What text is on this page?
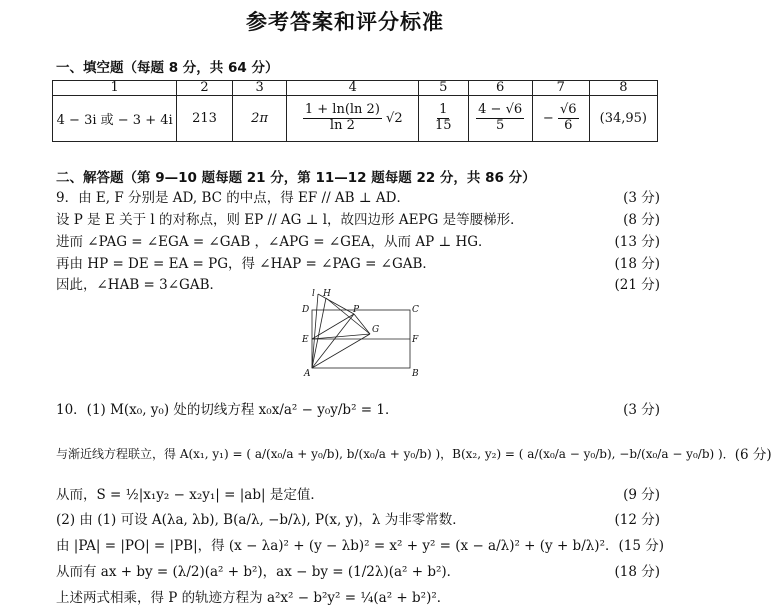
参考答案和评分标准
一、填空题（每题 8 分，共 64 分）
1	2	3	4	5	6	7	8
4 − 3i 或 − 3 + 4i	213	2π	$\frac{1 + \ln(\ln 2)}{\ln 2} √2$	$\frac{1}{15}$	$\frac{4 - √6}{5}$	− $\frac{√6}{6}$	(34,95)
二、解答题（第 9—10 题每题 21 分，第 11—12 题每题 22 分，共 86 分）
9．由 E, F 分别是 AD, BC 的中点，得 EF // AB ⊥ AD．	(3 分)
设 P 是 E 关于 l 的对称点，则 EP // AG ⊥ l，故四边形 AEPG 是等腰梯形．	(8 分)
进而 ∠PAG = ∠EGA = ∠GAB ，∠APG = ∠GEA，从而 AP ⊥ HG．	(13 分)
再由 HP = DE = EA = PG，得 ∠HAP = ∠PAG = ∠GAB．	(18 分)
因此，∠HAB = 3∠GAB．	(21 分)
l H
D	C
P
G
E	F
A	B
10．(1) M(x₀, y₀) 处的切线方程 x₀x/a² − y₀y/b² = 1．	(3 分)
与渐近线方程联立，得 A(x₁, y₁) = ( a/(x₀/a + y₀/b), b/(x₀/a + y₀/b) )，B(x₂, y₂) = ( a/(x₀/a − y₀/b), −b/(x₀/a − y₀/b) )． (6 分)
从而，S = ½|x₁y₂ − x₂y₁| = |ab| 是定值．	(9 分)
(2) 由 (1) 可设 A(λa, λb), B(a/λ, −b/λ), P(x, y)，λ 为非零常数．	(12 分)
由 |PA| = |PO| = |PB|，得 (x − λa)² + (y − λb)² = x² + y² = (x − a/λ)² + (y + b/λ)²． (15 分)
从而有 ax + by = (λ/2)(a² + b²)，ax − by = (1/2λ)(a² + b²)．	(18 分)
上述两式相乘，得 P 的轨迹方程为 a²x² − b²y² = ¼(a² + b²)²．
